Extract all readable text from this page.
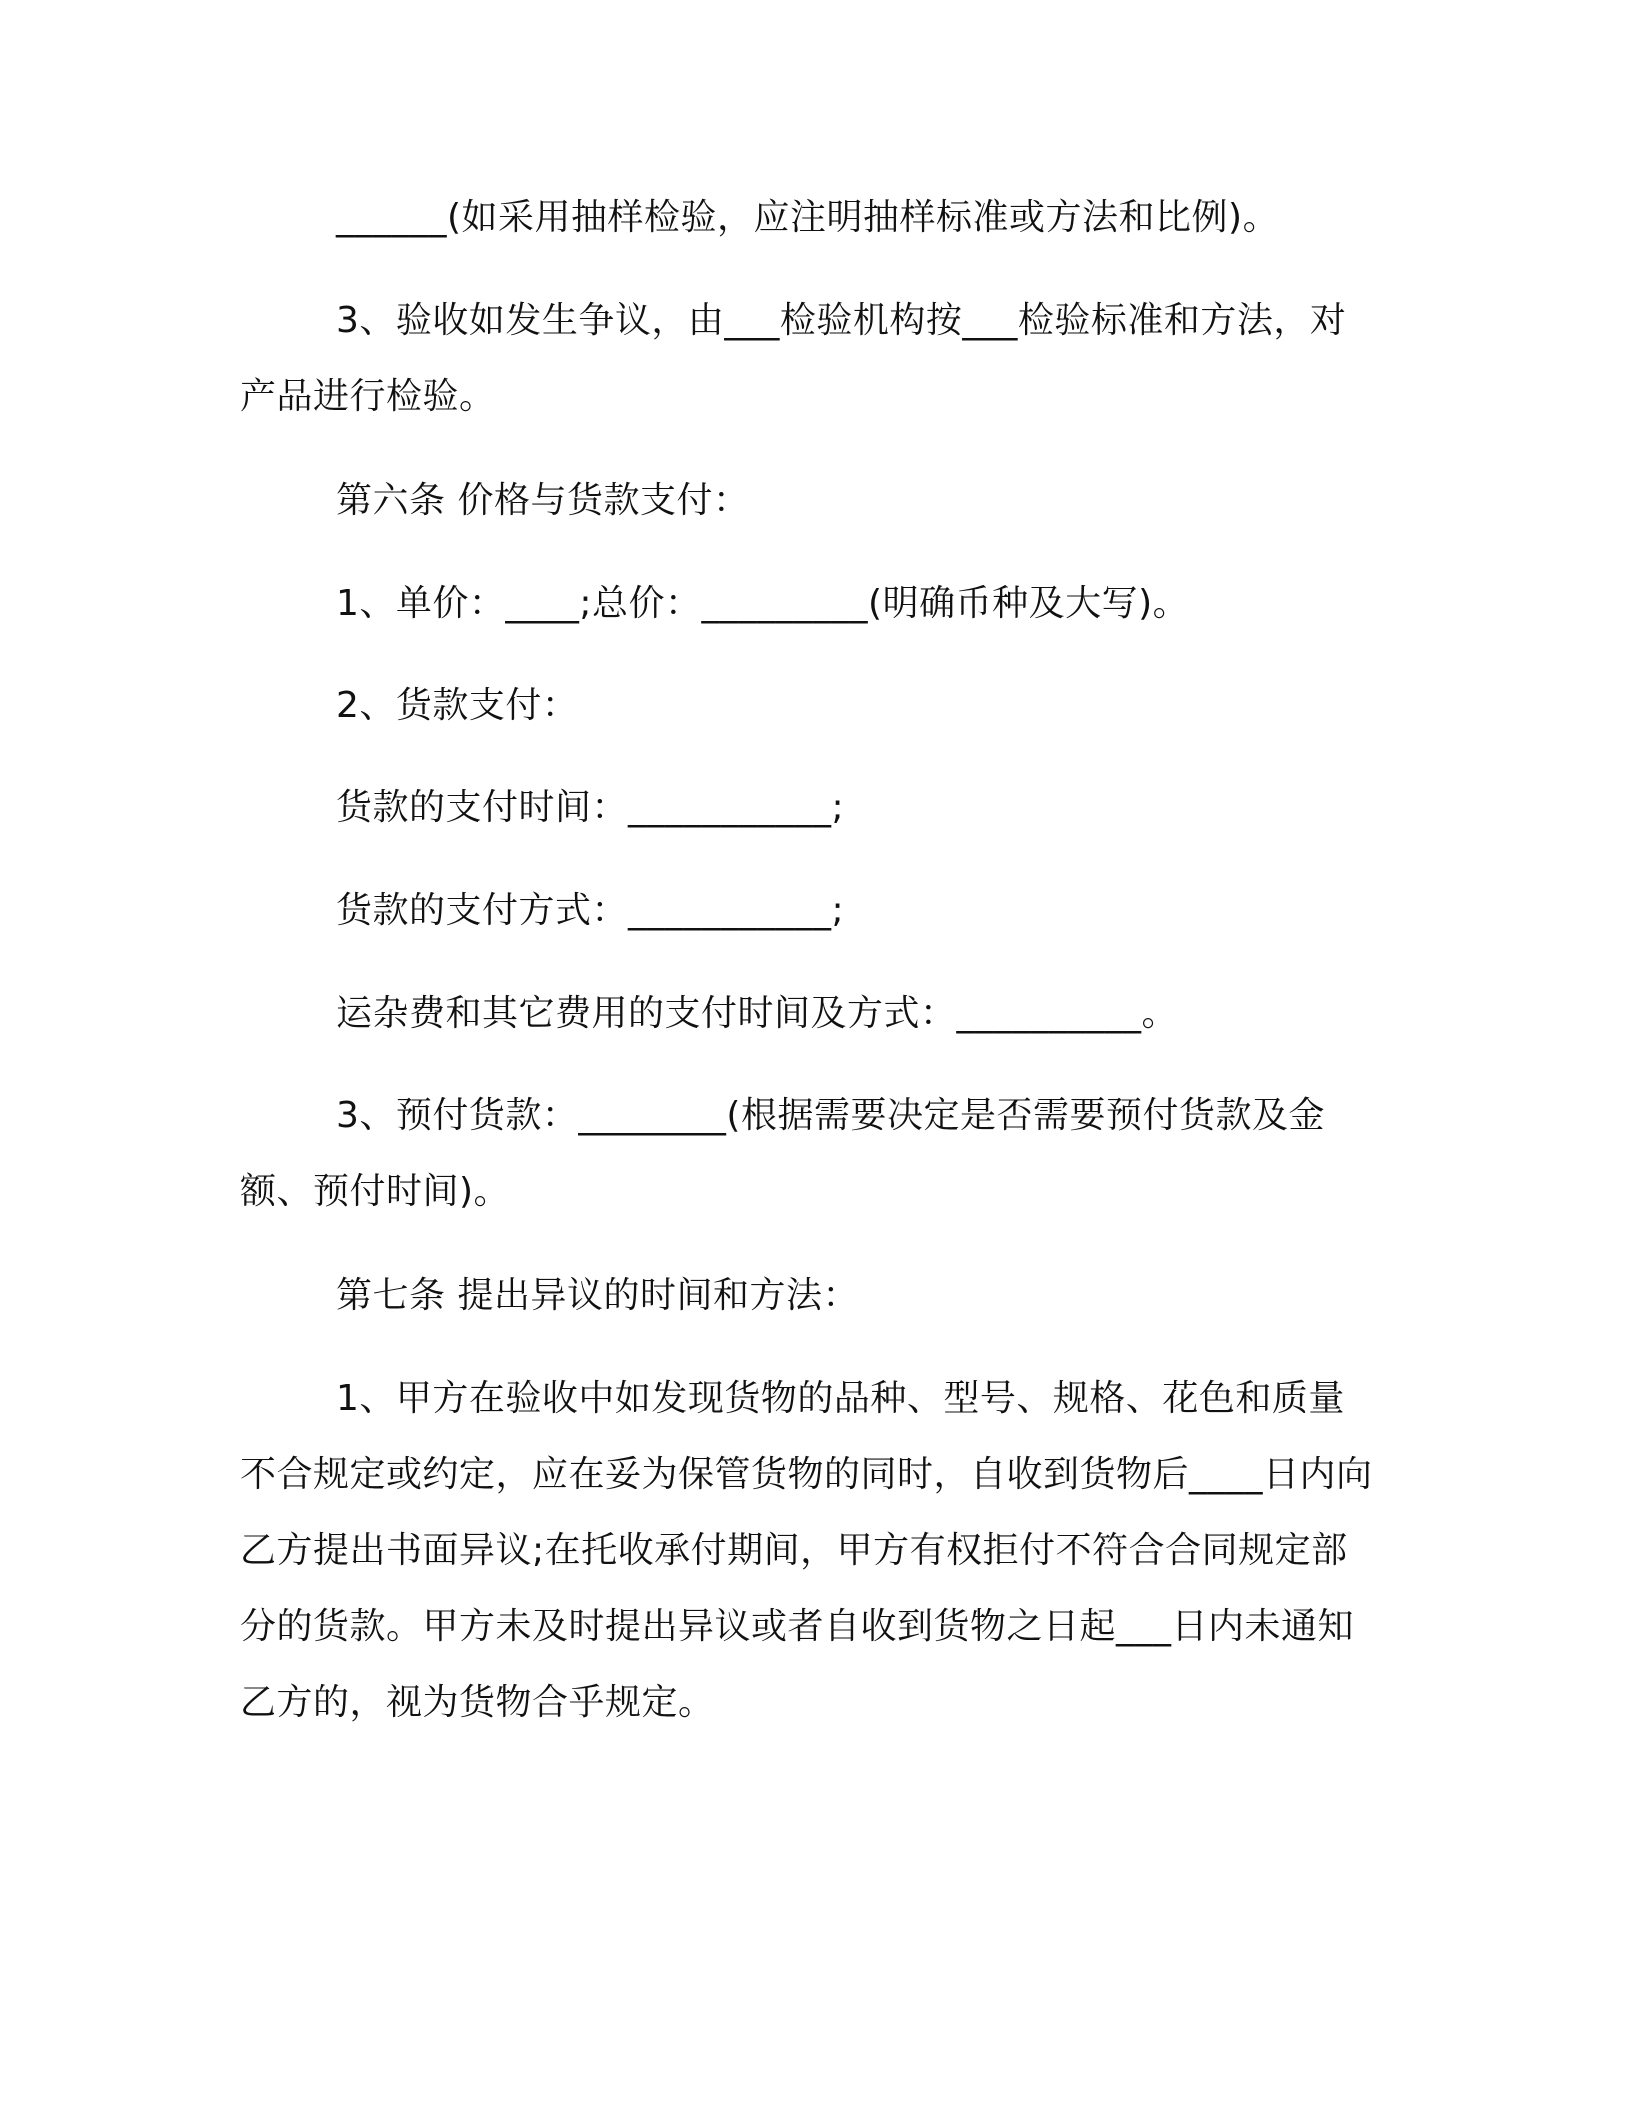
______(如采用抽样检验，应注明抽样标准或方法和比例)。
3、验收如发生争议，由___检验机构按___检验标准和方法，对产品进行检验。
第六条 价格与货款支付：
1、单价：____;总价：_________(明确币种及大写)。
2、货款支付：
货款的支付时间：___________;
货款的支付方式：___________;
运杂费和其它费用的支付时间及方式：__________。
3、预付货款：________(根据需要决定是否需要预付货款及金额、预付时间)。
第七条 提出异议的时间和方法：
1、甲方在验收中如发现货物的品种、型号、规格、花色和质量不合规定或约定，应在妥为保管货物的同时，自收到货物后____日内向乙方提出书面异议;在托收承付期间，甲方有权拒付不符合合同规定部分的货款。甲方未及时提出异议或者自收到货物之日起___日内未通知乙方的，视为货物合乎规定。
